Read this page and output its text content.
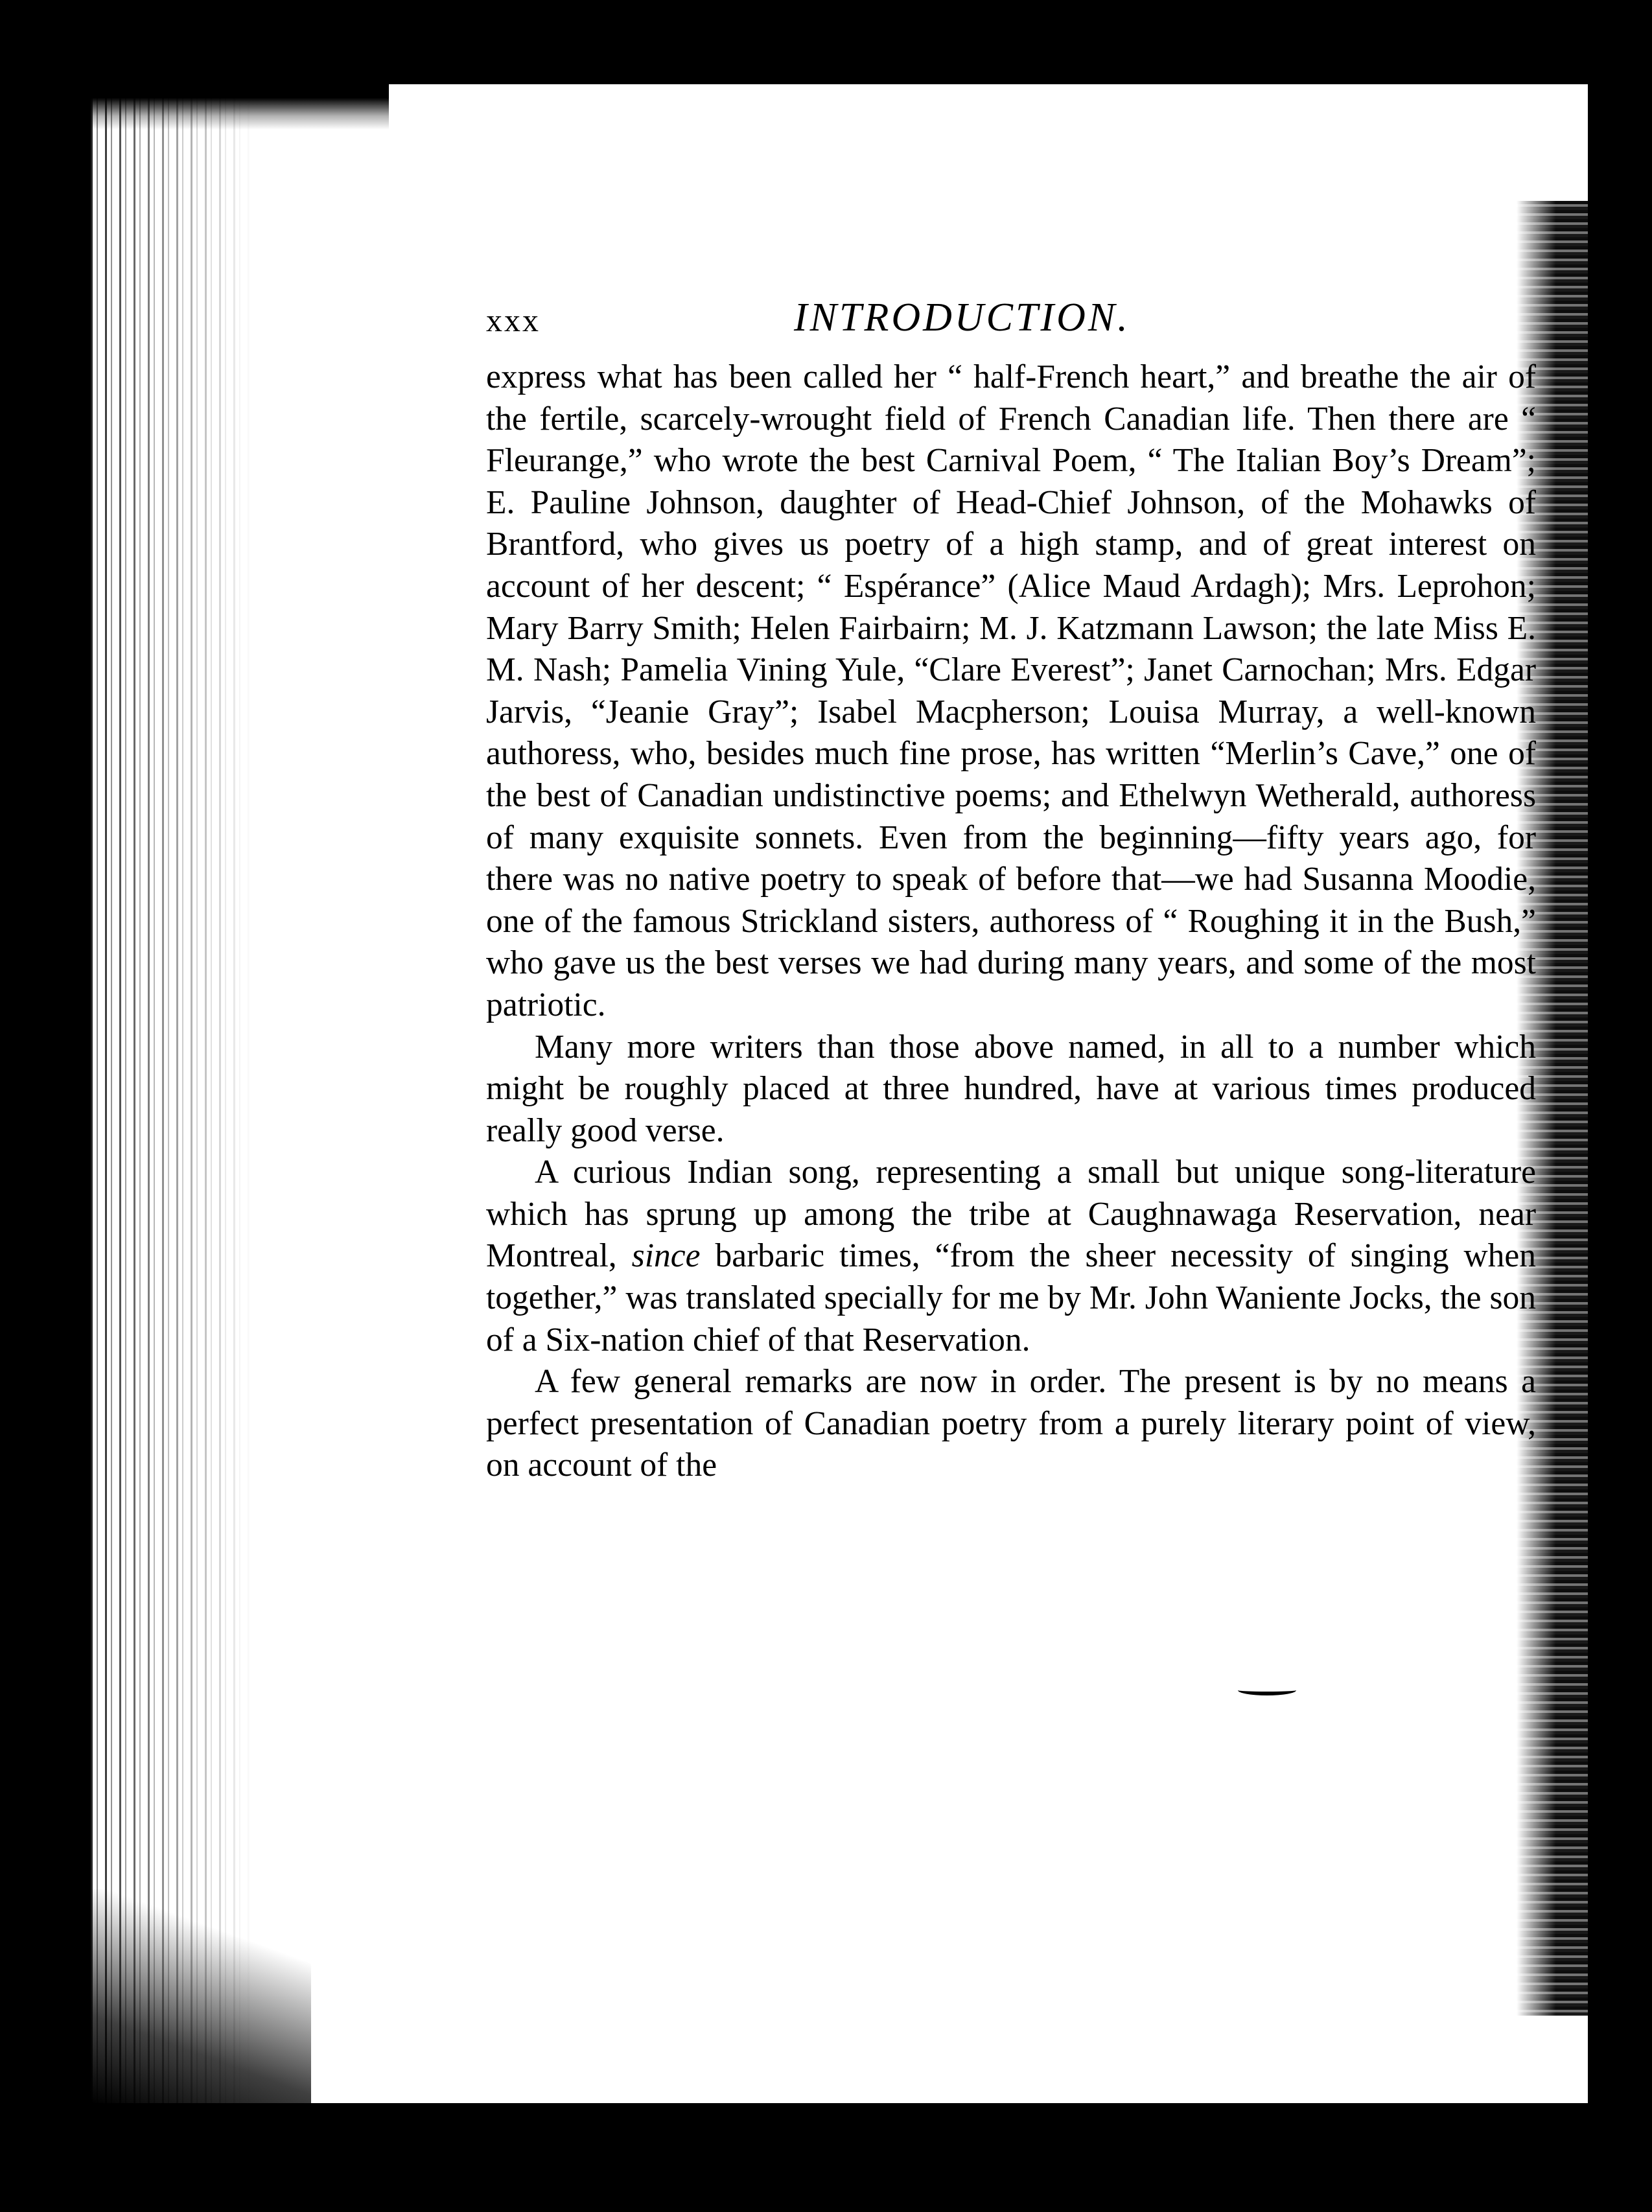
c
l
s
a
s
h
v
e
v
s
I
l
h
xxx	INTRODUCTION.

express what has been called her “ half-French heart,” and breathe the air of the fertile, scarcely-wrought field of French Canadian life. Then there are “ Fleurange,” who wrote the best Carnival Poem, “ The Italian Boy’s Dream”; E. Pauline Johnson, daughter of Head-Chief Johnson, of the Mohawks of Brantford, who gives us poetry of a high stamp, and of great interest on account of her descent; “ Espérance” (Alice Maud Ardagh); Mrs. Leprohon; Mary Barry Smith; Helen Fairbairn; M. J. Katzmann Lawson; the late Miss E. M. Nash; Pamelia Vining Yule, “Clare Everest”; Janet Carnochan; Mrs. Edgar Jarvis, “Jeanie Gray”; Isabel Macpherson; Louisa Murray, a well-known authoress, who, besides much fine prose, has written “Merlin’s Cave,” one of the best of Canadian undistinctive poems; and Ethelwyn Wetherald, authoress of many exquisite sonnets. Even from the beginning—fifty years ago, for there was no native poetry to speak of before that—we had Susanna Moodie, one of the famous Strickland sisters, authoress of “ Roughing it in the Bush,” who gave us the best verses we had during many years, and some of the most patriotic.

Many more writers than those above named, in all to a number which might be roughly placed at three hundred, have at various times produced really good verse.

A curious Indian song, representing a small but unique song-literature which has sprung up among the tribe at Caughnawaga Reservation, near Montreal, since barbaric times, “from the sheer necessity of singing when together,” was translated specially for me by Mr. John Waniente Jocks, the son of a Six-nation chief of that Reservation.

A few general remarks are now in order. The present is by no means a perfect presentation of Canadian poetry from a purely literary point of view, on account of the
